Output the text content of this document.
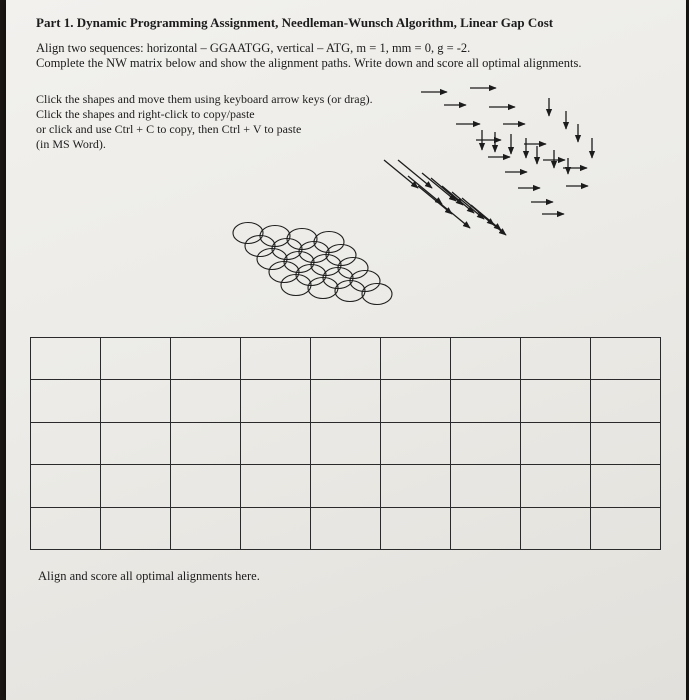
Part 1. Dynamic Programming Assignment, Needleman-Wunsch Algorithm, Linear Gap Cost
Align two sequences: horizontal – GGAATGG, vertical – ATG, m = 1, mm = 0, g = -2.
Complete the NW matrix below and show the alignment paths. Write down and score all optimal alignments.
Click the shapes and move them using keyboard arrow keys (or drag).
Click the shapes and right-click to copy/paste
or click and use Ctrl + C to copy, then Ctrl + V to paste
(in MS Word).

Align and score all optimal alignments here.
